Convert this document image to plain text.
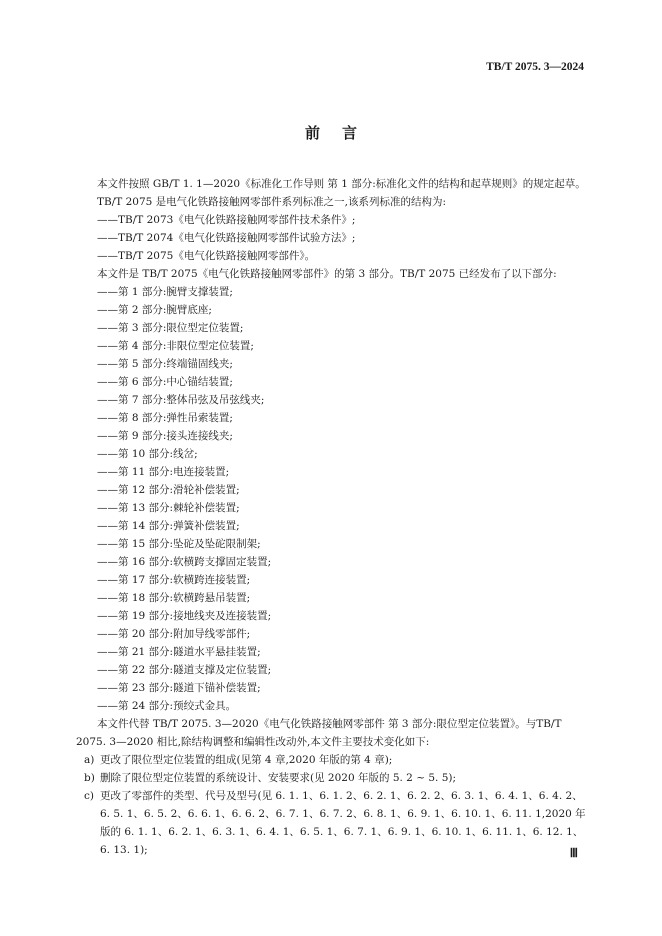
TB/T 2075. 3—2024
前言

本文件按照 GB/T 1. 1—2020《标准化工作导则 第 1 部分:标准化文件的结构和起草规则》的规定起草。

TB/T 2075 是电气化铁路接触网零部件系列标准之一,该系列标准的结构为:

——TB/T 2073《电气化铁路接触网零部件技术条件》;

——TB/T 2074《电气化铁路接触网零部件试验方法》;

——TB/T 2075《电气化铁路接触网零部件》。

本文件是 TB/T 2075《电气化铁路接触网零部件》的第 3 部分。TB/T 2075 已经发布了以下部分:

——第 1 部分:腕臂支撑装置;

——第 2 部分:腕臂底座;

——第 3 部分:限位型定位装置;

——第 4 部分:非限位型定位装置;

——第 5 部分:终端锚固线夹;

——第 6 部分:中心锚结装置;

——第 7 部分:整体吊弦及吊弦线夹;

——第 8 部分:弹性吊索装置;

——第 9 部分:接头连接线夹;

——第 10 部分:线岔;

——第 11 部分:电连接装置;

——第 12 部分:滑轮补偿装置;

——第 13 部分:棘轮补偿装置;

——第 14 部分:弹簧补偿装置;

——第 15 部分:坠砣及坠砣限制架;

——第 16 部分:软横跨支撑固定装置;

——第 17 部分:软横跨连接装置;

——第 18 部分:软横跨悬吊装置;

——第 19 部分:接地线夹及连接装置;

——第 20 部分:附加导线零部件;

——第 21 部分:隧道水平悬挂装置;

——第 22 部分:隧道支撑及定位装置;

——第 23 部分:隧道下锚补偿装置;

——第 24 部分:预绞式金具。

本文件代替 TB/T 2075. 3—2020《电气化铁路接触网零部件 第 3 部分:限位型定位装置》。与TB/T 2075. 3—2020 相比,除结构调整和编辑性改动外,本文件主要技术变化如下:

a) 更改了限位型定位装置的组成(见第 4 章,2020 年版的第 4 章);
b) 删除了限位型定位装置的系统设计、安装要求(见 2020 年版的 5. 2 ~ 5. 5);
c) 更改了零部件的类型、代号及型号(见 6. 1. 1、6. 1. 2、6. 2. 1、6. 2. 2、6. 3. 1、6. 4. 1、6. 4. 2、6. 5. 1、6. 5. 2、6. 6. 1、6. 6. 2、6. 7. 1、6. 7. 2、6. 8. 1、6. 9. 1、6. 10. 1、6. 11. 1,2020 年版的 6. 1. 1、6. 2. 1、6. 3. 1、6. 4. 1、6. 5. 1、6. 7. 1、6. 9. 1、6. 10. 1、6. 11. 1、6. 12. 1、6. 13. 1);	Ⅲ
